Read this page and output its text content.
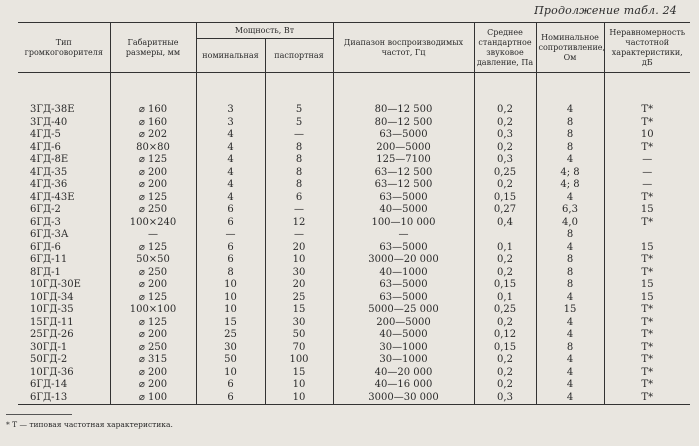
Продолжение табл. 24
Тип громкоговорителя	Габаритные размеры, мм	Мощность, Вт		Диапазон воспроизводимых частот, Гц	Среднее стандартное звуковое давление, Па	Номинальное сопротивление, Ом	Неравномерность частотной характеристики, дБ

		номинальная	паспортная				

3ГД-38Е	⌀ 160	3	5	80—12 500	0,2	4	Т*
3ГД-40	⌀ 160	3	5	80—12 500	0,2	8	Т*
4ГД-5	⌀ 202	4	—	63—5000	0,3	8	10
4ГД-6	80×80	4	8	200—5000	0,2	8	Т*
4ГД-8Е	⌀ 125	4	8	125—7100	0,3	4	—
4ГД-35	⌀ 200	4	8	63—12 500	0,25	4; 8	—
4ГД-36	⌀ 200	4	8	63—12 500	0,2	4; 8	—
4ГД-43Е	⌀ 125	4	6	63—5000	0,15	4	Т*
6ГД-2	⌀ 250	6	—	40—5000	0,27	6,3	15
6ГД-3	100×240	6	12	100—10 000	0,4	4,0	Т*
6ГД-3А	—	—	—	—		8	
6ГД-6	⌀ 125	6	20	63—5000	0,1	4	15
6ГД-11	50×50	6	10	3000—20 000	0,2	8	Т*
8ГД-1	⌀ 250	8	30	40—1000	0,2	8	Т*
10ГД-30Е	⌀ 200	10	20	63—5000	0,15	8	15
10ГД-34	⌀ 125	10	25	63—5000	0,1	4	15
10ГД-35	100×100	10	15	5000—25 000	0,25	15	Т*
15ГД-11	⌀ 125	15	30	200—5000	0,2	4	Т*
25ГД-26	⌀ 200	25	50	40—5000	0,12	4	Т*
30ГД-1	⌀ 250	30	70	30—1000	0,15	8	Т*
50ГД-2	⌀ 315	50	100	30—1000	0,2	4	Т*
10ГД-36	⌀ 200	10	15	40—20 000	0,2	4	Т*
6ГД-14	⌀ 200	6	10	40—16 000	0,2	4	Т*
6ГД-13	⌀ 100	6	10	3000—30 000	0,3	4	Т*
* Т — типовая частотная характеристика.
